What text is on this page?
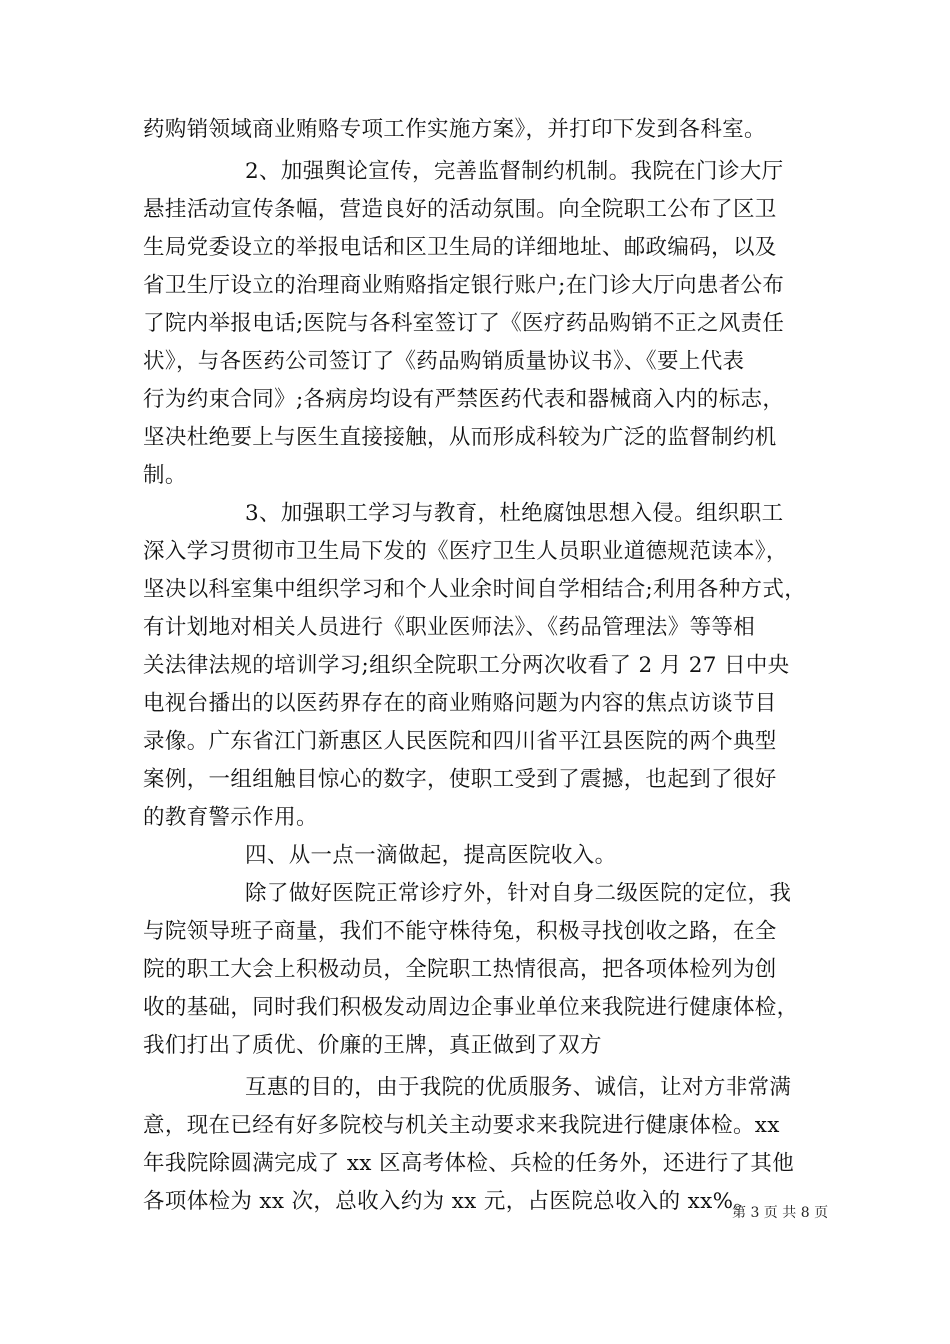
药购销领域商业贿赂专项工作实施方案》，并打印下发到各科室。
2、加强舆论宣传，完善监督制约机制。我院在门诊大厅
悬挂活动宣传条幅，营造良好的活动氛围。向全院职工公布了区卫
生局党委设立的举报电话和区卫生局的详细地址、邮政编码，以及
省卫生厅设立的治理商业贿赂指定银行账户;在门诊大厅向患者公布
了院内举报电话;医院与各科室签订了《医疗药品购销不正之风责任
状》，与各医药公司签订了《药品购销质量协议书》、《要上代表
行为约束合同》;各病房均设有严禁医药代表和器械商入内的标志，
坚决杜绝要上与医生直接接触，从而形成科较为广泛的监督制约机
制。
3、加强职工学习与教育，杜绝腐蚀思想入侵。组织职工
深入学习贯彻市卫生局下发的《医疗卫生人员职业道德规范读本》，
坚决以科室集中组织学习和个人业余时间自学相结合;利用各种方式，
有计划地对相关人员进行《职业医师法》、《药品管理法》等等相
关法律法规的培训学习;组织全院职工分两次收看了 2 月 27 日中央
电视台播出的以医药界存在的商业贿赂问题为内容的焦点访谈节目
录像。广东省江门新惠区人民医院和四川省平江县医院的两个典型
案例，一组组触目惊心的数字，使职工受到了震撼，也起到了很好
的教育警示作用。
四、从一点一滴做起，提高医院收入。
除了做好医院正常诊疗外，针对自身二级医院的定位，我
与院领导班子商量，我们不能守株待兔，积极寻找创收之路，在全
院的职工大会上积极动员，全院职工热情很高，把各项体检列为创
收的基础，同时我们积极发动周边企事业单位来我院进行健康体检，
我们打出了质优、价廉的王牌，真正做到了双方
互惠的目的，由于我院的优质服务、诚信，让对方非常满
意，现在已经有好多院校与机关主动要求来我院进行健康体检。xx
年我院除圆满完成了 xx 区高考体检、兵检的任务外，还进行了其他
各项体检为 xx 次，总收入约为 xx 元，占医院总收入的 xx%。
第 3 页 共 8 页
